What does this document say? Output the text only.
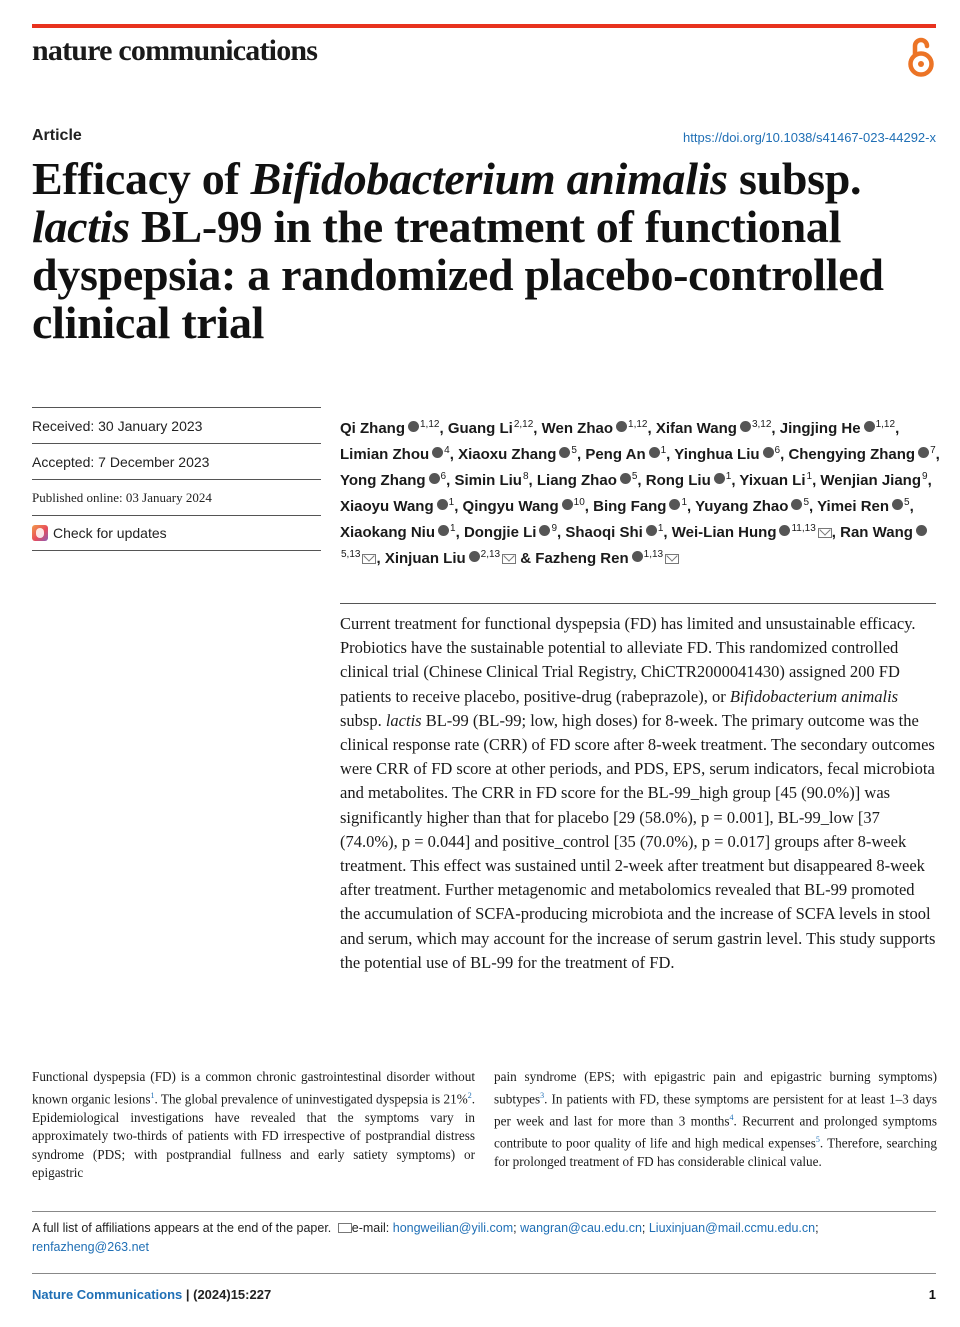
nature communications
Article	https://doi.org/10.1038/s41467-023-44292-x
Efficacy of Bifidobacterium animalis subsp. lactis BL-99 in the treatment of functional dyspepsia: a randomized placebo-controlled clinical trial
Received: 30 January 2023
Accepted: 7 December 2023
Published online: 03 January 2024
Check for updates
Qi Zhang $^{1,12}$, Guang Li$^{2,12}$, Wen Zhao $^{1,12}$, Xifan Wang $^{3,12}$, Jingjing He $^{1,12}$, Limian Zhou $^4$, Xiaoxu Zhang $^5$, Peng An $^1$, Yinghua Liu $^6$, Chengying Zhang $^7$, Yong Zhang $^6$, Simin Liu$^8$, Liang Zhao $^5$, Rong Liu $^1$, Yixuan Li$^1$, Wenjian Jiang$^9$, Xiaoyu Wang $^1$, Qingyu Wang $^{10}$, Bing Fang $^1$, Yuyang Zhao $^5$, Yimei Ren $^5$, Xiaokang Niu $^1$, Dongjie Li $^9$, Shaoqi Shi $^1$, Wei-Lian Hung $^{11,13}$ , Ran Wang$^{5,13}$ , Xinjuan Liu $^{2,13}$ & Fazheng Ren $^{1,13}$
Current treatment for functional dyspepsia (FD) has limited and unsustainable efficacy. Probiotics have the sustainable potential to alleviate FD. This randomized controlled clinical trial (Chinese Clinical Trial Registry, ChiCTR2000041430) assigned 200 FD patients to receive placebo, positive-drug (rabeprazole), or Bifidobacterium animalis subsp. lactis BL-99 (BL-99; low, high doses) for 8-week. The primary outcome was the clinical response rate (CRR) of FD score after 8-week treatment. The secondary outcomes were CRR of FD score at other periods, and PDS, EPS, serum indicators, fecal microbiota and metabolites. The CRR in FD score for the BL-99_high group [45 (90.0%)] was significantly higher than that for placebo [29 (58.0%), p = 0.001], BL-99_low [37 (74.0%), p = 0.044] and positive_control [35 (70.0%), p = 0.017] groups after 8-week treatment. This effect was sustained until 2-week after treatment but disappeared 8-week after treatment. Further metagenomic and metabolomics revealed that BL-99 promoted the accumulation of SCFA-producing microbiota and the increase of SCFA levels in stool and serum, which may account for the increase of serum gastrin level. This study supports the potential use of BL-99 for the treatment of FD.
Functional dyspepsia (FD) is a common chronic gastrointestinal disorder without known organic lesions$^1$. The global prevalence of uninvestigated dyspepsia is 21%$^2$. Epidemiological investigations have revealed that the symptoms vary in approximately two-thirds of patients with FD irrespective of postprandial distress syndrome (PDS; with postprandial fullness and early satiety symptoms) or epigastric
pain syndrome (EPS; with epigastric pain and epigastric burning symptoms) subtypes$^3$. In patients with FD, these symptoms are persistent for at least 1–3 days per week and last for more than 3 months$^4$. Recurrent and prolonged symptoms contribute to poor quality of life and high medical expenses$^5$. Therefore, searching for prolonged treatment of FD has considerable clinical value.
A full list of affiliations appears at the end of the paper. e-mail: hongweilian@yili.com; wangran@cau.edu.cn; Liuxinjuan@mail.ccmu.edu.cn;
renfazheng@263.net
Nature Communications | (2024)15:227	1
